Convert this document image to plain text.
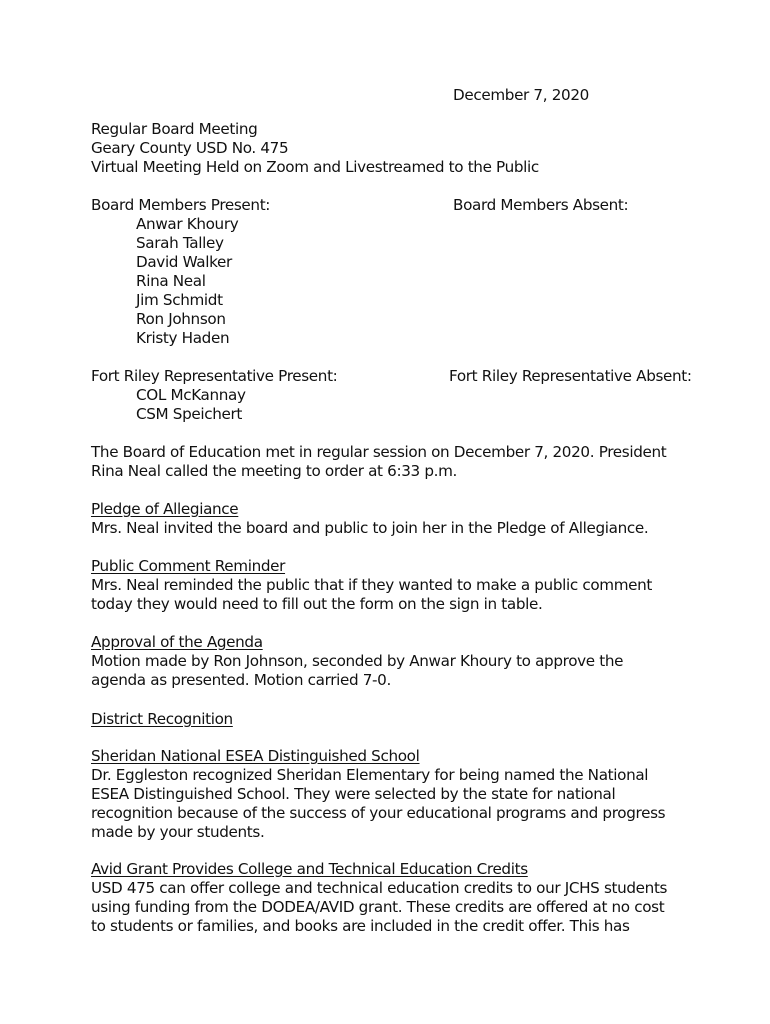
December 7, 2020
Regular Board Meeting
Geary County USD No. 475
Virtual Meeting Held on Zoom and Livestreamed to the Public
Board Members Present:	Board Members Absent:
Anwar Khoury
Sarah Talley
David Walker
Rina Neal
Jim Schmidt
Ron Johnson
Kristy Haden
Fort Riley Representative Present:	Fort Riley Representative Absent:
COL McKannay
CSM Speichert
The Board of Education met in regular session on December 7, 2020. President
Rina Neal called the meeting to order at 6:33 p.m.
Pledge of Allegiance
Mrs. Neal invited the board and public to join her in the Pledge of Allegiance.
Public Comment Reminder
Mrs. Neal reminded the public that if they wanted to make a public comment
today they would need to fill out the form on the sign in table.
Approval of the Agenda
Motion made by Ron Johnson, seconded by Anwar Khoury to approve the
agenda as presented. Motion carried 7-0.
District Recognition
Sheridan National ESEA Distinguished School
Dr. Eggleston recognized Sheridan Elementary for being named the National
ESEA Distinguished School. They were selected by the state for national
recognition because of the success of your educational programs and progress
made by your students.
Avid Grant Provides College and Technical Education Credits
USD 475 can offer college and technical education credits to our JCHS students
using funding from the DODEA/AVID grant. These credits are offered at no cost
to students or families, and books are included in the credit offer. This has
